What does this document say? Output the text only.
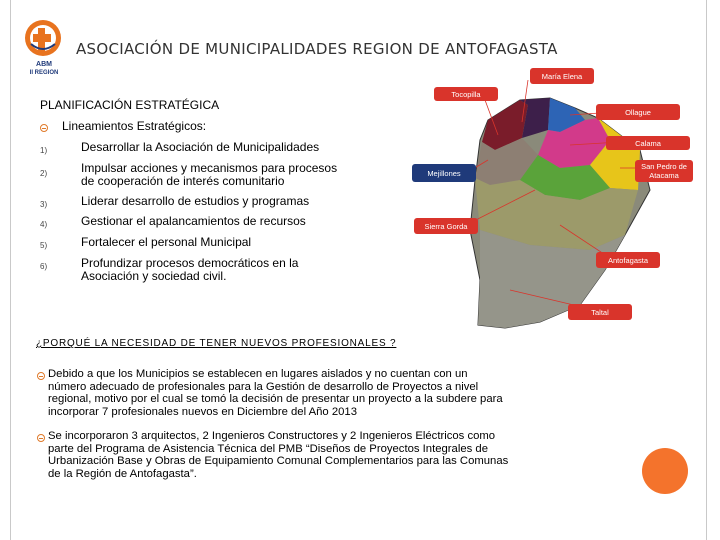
ABM
II REGION
ASOCIACIÓN DE MUNICIPALIDADES REGION DE ANTOFAGASTA
PLANIFICACIÓN ESTRATÉGICA
Lineamientos Estratégicos:
1)	Desarrollar la Asociación de Municipalidades
2)	Impulsar acciones y mecanismos para procesos
de cooperación de interés comunitario
3)	Liderar desarrollo de estudios y programas
4)	Gestionar el apalancamientos de recursos
5)	Fortalecer el personal Municipal
6)	Profundizar procesos democráticos en la
Asociación y sociedad civil.
María Elena
Tocopilla
Ollague
Calama
San Pedro de
Atacama
Mejillones
Sierra Gorda
Antofagasta
Taltal
¿PORQUÉ LA NECESIDAD DE TENER NUEVOS PROFESIONALES ?
Debido a que los Municipios se establecen en lugares aislados y no cuentan con un
número adecuado de profesionales para la Gestión de desarrollo de Proyectos a nivel
regional, motivo por el cual se tomó la decisión de presentar un proyecto a la subdere para
incorporar 7 profesionales nuevos en Diciembre del Año 2013
Se incorporaron 3 arquitectos, 2 Ingenieros Constructores y 2 Ingenieros Eléctricos como
parte del Programa de Asistencia Técnica del PMB “Diseños de Proyectos Integrales de
Urbanización Base y Obras de Equipamiento Comunal Complementarios para las Comunas
de la Región de Antofagasta”.
